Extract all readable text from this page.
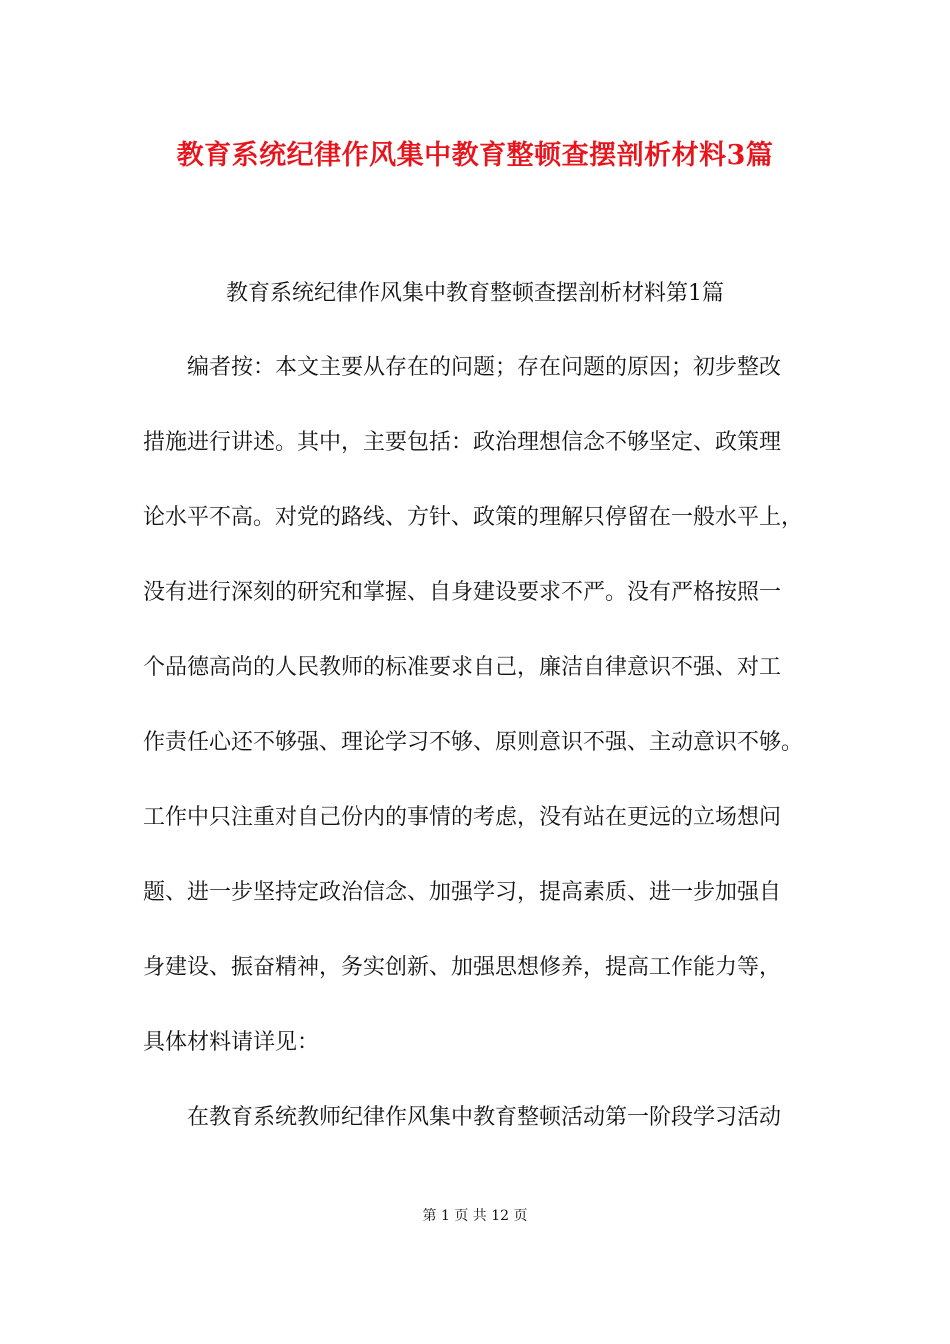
教育系统纪律作风集中教育整顿查摆剖析材料3篇
教育系统纪律作风集中教育整顿查摆剖析材料第1篇
　　编者按：本文主要从存在的问题；存在问题的原因；初步整改
措施进行讲述。其中，主要包括：政治理想信念不够坚定、政策理
论水平不高。对党的路线、方针、政策的理解只停留在一般水平上，
没有进行深刻的研究和掌握、自身建设要求不严。没有严格按照一
个品德高尚的人民教师的标准要求自己，廉洁自律意识不强、对工
作责任心还不够强、理论学习不够、原则意识不强、主动意识不够。
工作中只注重对自己份内的事情的考虑，没有站在更远的立场想问
题、进一步坚持定政治信念、加强学习，提高素质、进一步加强自
身建设、振奋精神，务实创新、加强思想修养，提高工作能力等，
具体材料请详见：
　　在教育系统教师纪律作风集中教育整顿活动第一阶段学习活动
第 1 页 共 12 页
